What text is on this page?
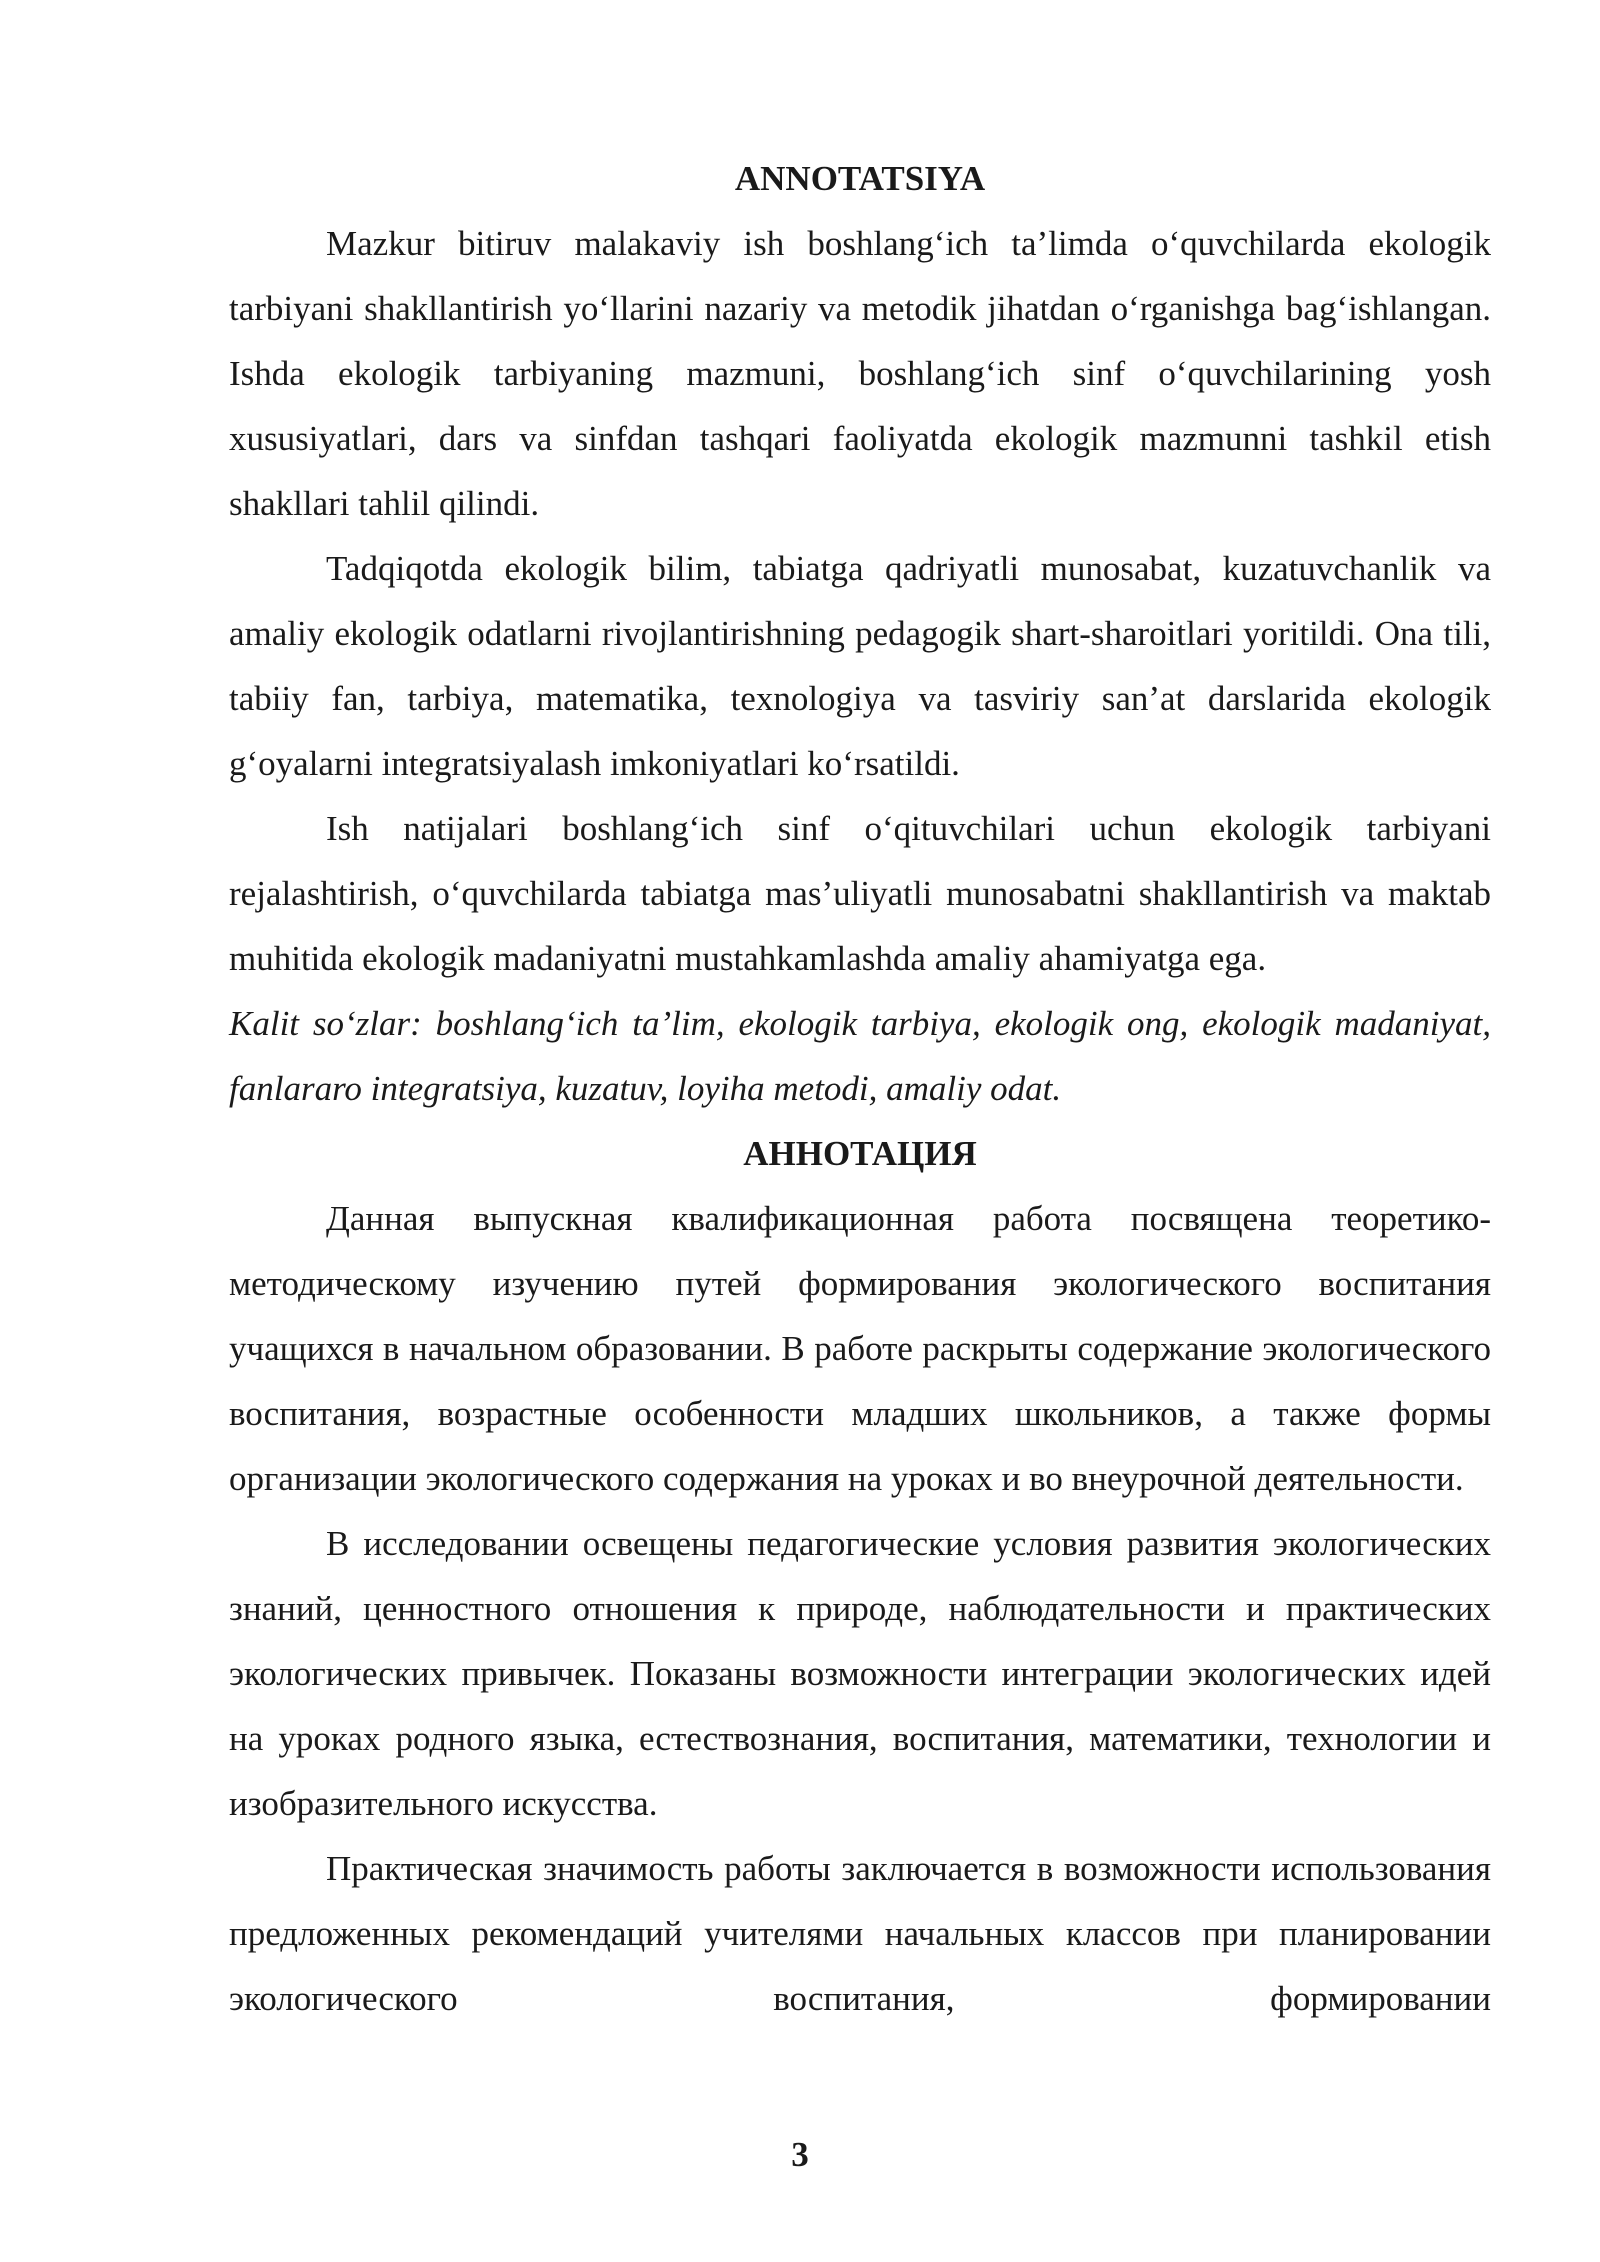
ANNOTATSIYA

Mazkur bitiruv malakaviy ish boshlang‘ich ta’limda o‘quvchilarda ekologik tarbiyani shakllantirish yo‘llarini nazariy va metodik jihatdan o‘rganishga bag‘ishlangan. Ishda ekologik tarbiyaning mazmuni, boshlang‘ich sinf o‘quvchilarining yosh xususiyatlari, dars va sinfdan tashqari faoliyatda ekologik mazmunni tashkil etish shakllari tahlil qilindi.

Tadqiqotda ekologik bilim, tabiatga qadriyatli munosabat, kuzatuvchanlik va amaliy ekologik odatlarni rivojlantirishning pedagogik shart-sharoitlari yoritildi. Ona tili, tabiiy fan, tarbiya, matematika, texnologiya va tasviriy san’at darslarida ekologik g‘oyalarni integratsiyalash imkoniyatlari ko‘rsatildi.

Ish natijalari boshlang‘ich sinf o‘qituvchilari uchun ekologik tarbiyani rejalashtirish, o‘quvchilarda tabiatga mas’uliyatli munosabatni shakllantirish va maktab muhitida ekologik madaniyatni mustahkamlashda amaliy ahamiyatga ega.

Kalit so‘zlar: boshlang‘ich ta’lim, ekologik tarbiya, ekologik ong, ekologik madaniyat, fanlararo integratsiya, kuzatuv, loyiha metodi, amaliy odat.

АННОТАЦИЯ

Данная выпускная квалификационная работа посвящена теоретико-методическому изучению путей формирования экологического воспитания учащихся в начальном образовании. В работе раскрыты содержание экологического воспитания, возрастные особенности младших школьников, а также формы организации экологического содержания на уроках и во внеурочной деятельности.

В исследовании освещены педагогические условия развития экологических знаний, ценностного отношения к природе, наблюдательности и практических экологических привычек. Показаны возможности интеграции экологических идей на уроках родного языка, естествознания, воспитания, математики, технологии и изобразительного искусства.

Практическая значимость работы заключается в возможности использования предложенных рекомендаций учителями начальных классов при планировании экологического воспитания, формировании

3
